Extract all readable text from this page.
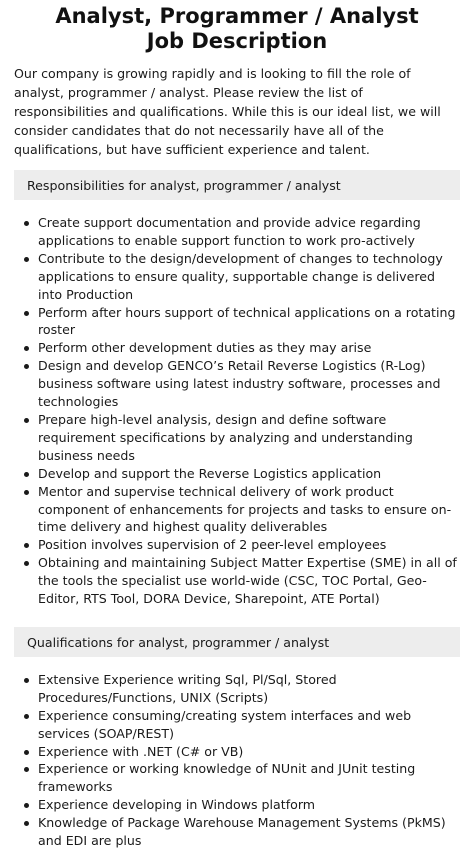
Analyst, Programmer / Analyst Job Description

Our company is growing rapidly and is looking to fill the role of analyst, programmer / analyst. Please review the list of responsibilities and qualifications. While this is our ideal list, we will consider candidates that do not necessarily have all of the qualifications, but have sufficient experience and talent.

Responsibilities for analyst, programmer / analyst
Create support documentation and provide advice regarding applications to enable support function to work pro-actively
Contribute to the design/development of changes to technology applications to ensure quality, supportable change is delivered into Production
Perform after hours support of technical applications on a rotating roster
Perform other development duties as they may arise
Design and develop GENCO’s Retail Reverse Logistics (R-Log) business software using latest industry software, processes and technologies
Prepare high-level analysis, design and define software requirement specifications by analyzing and understanding business needs
Develop and support the Reverse Logistics application
Mentor and supervise technical delivery of work product component of enhancements for projects and tasks to ensure on-time delivery and highest quality deliverables
Position involves supervision of 2 peer-level employees
Obtaining and maintaining Subject Matter Expertise (SME) in all of the tools the specialist use world-wide (CSC, TOC Portal, Geo-Editor, RTS Tool, DORA Device, Sharepoint, ATE Portal)
Qualifications for analyst, programmer / analyst
Extensive Experience writing Sql, Pl/Sql, Stored Procedures/Functions, UNIX (Scripts)
Experience consuming/creating system interfaces and web services (SOAP/REST)
Experience with .NET (C# or VB)
Experience or working knowledge of NUnit and JUnit testing frameworks
Experience developing in Windows platform
Knowledge of Package Warehouse Management Systems (PkMS) and EDI are plus
